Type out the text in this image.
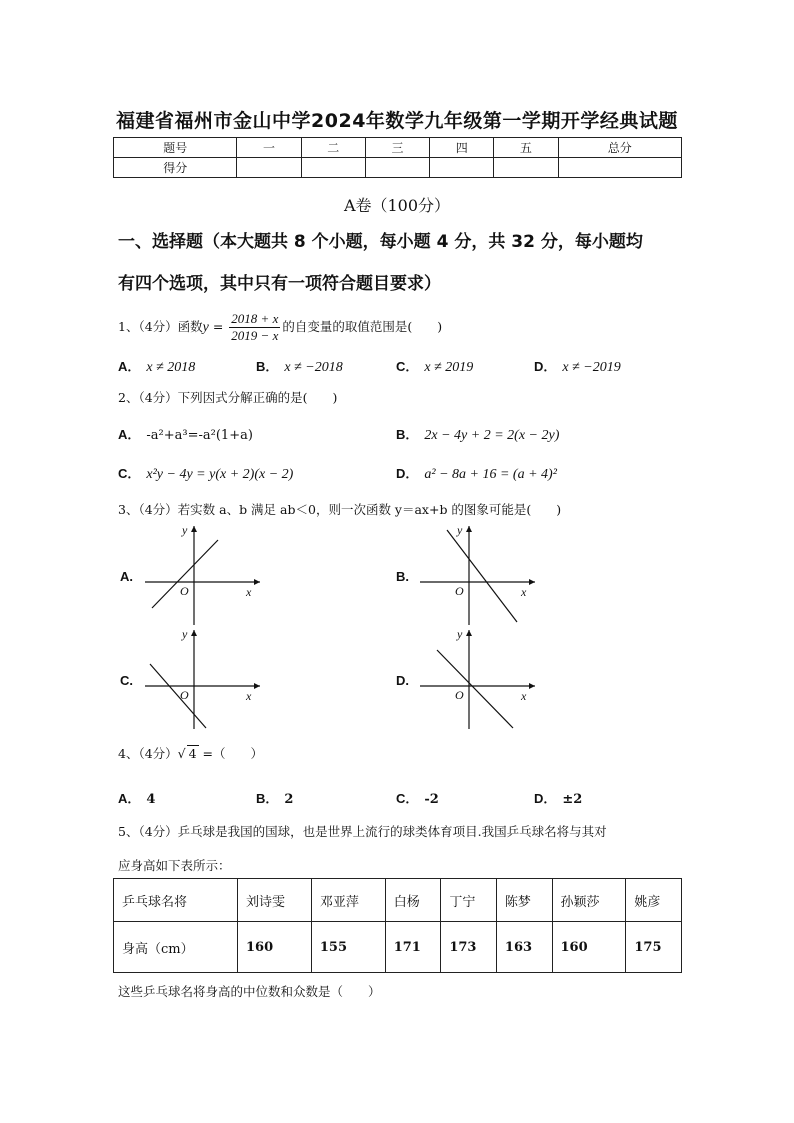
福建省福州市金山中学2024年数学九年级第一学期开学经典试题
题号	一	二	三	四	五	总分
得分						
A卷（100分）
一、选择题（本大题共 8 个小题，每小题 4 分，共 32 分，每小题均
有四个选项，其中只有一项符合题目要求）
1、（4分）函数$y = \frac{2018 + x}{2019 - x}$ 的自变量的取值范围是(　　)
A． x ≠ 2018	B． x ≠ −2018	C． x ≠ 2019	D． x ≠ −2019
2、（4分）下列因式分解正确的是(　　)
A． -a²+a³=-a²(1+a)	B． 2x − 4y + 2 = 2(x − 2y)
C． x²y − 4y = y(x + 2)(x − 2)	D． a² − 8a + 16 = (a + 4)²
3、（4分）若实数 a、b 满足 ab＜0，则一次函数 y＝ax+b 的图象可能是(　　)
A.
x
y
O
B.
x
y
O
C.
x
y
O
D.
x
y
O
4、（4分）√ 4 =（　　）
A． 4	B． 2	C． -2	D． ±2
5、（4分）乒乓球是我国的国球，也是世界上流行的球类体育项目.我国乒乓球名将与其对
应身高如下表所示：
乒乓球名将	刘诗雯	邓亚萍	白杨	丁宁	陈梦	孙颖莎	姚彦
身高（cm）	160	155	171	173	163	160	175
这些乒乓球名将身高的中位数和众数是（　　）
